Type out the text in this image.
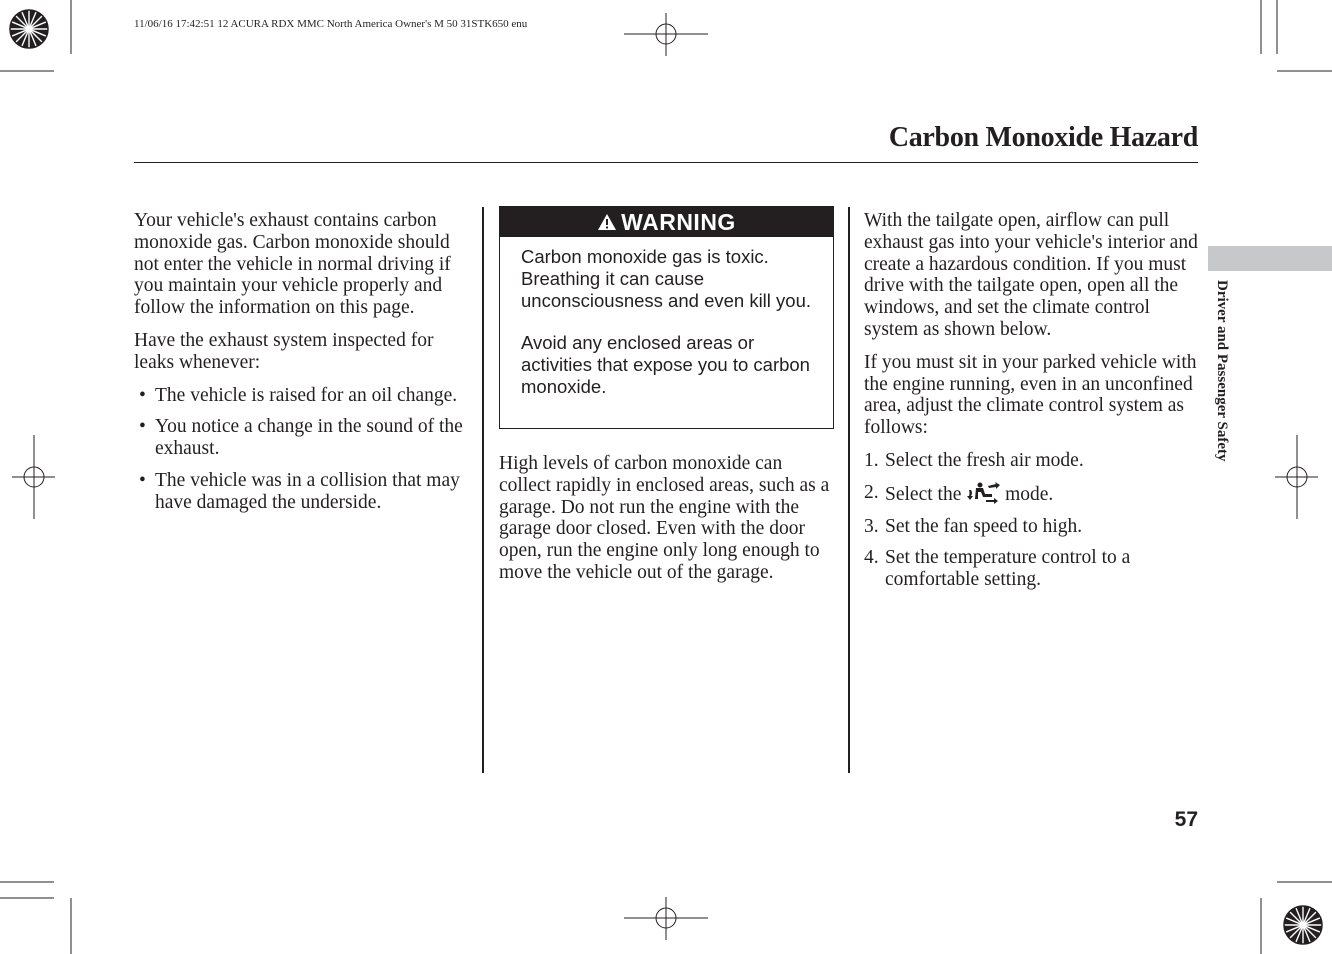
11/06/16 17:42:51 12 ACURA RDX MMC North America Owner's M 50 31STK650 enu
Carbon Monoxide Hazard

Your vehicle's exhaust contains carbon monoxide gas. Carbon monoxide should not enter the vehicle in normal driving if you maintain your vehicle properly and follow the information on this page.

Have the exhaust system inspected for leaks whenever:

• The vehicle is raised for an oil change.
• You notice a change in the sound of the exhaust.
• The vehicle was in a collision that may have damaged the underside.
WARNING

Carbon monoxide gas is toxic. Breathing it can cause unconsciousness and even kill you.

Avoid any enclosed areas or activities that expose you to carbon monoxide.

High levels of carbon monoxide can collect rapidly in enclosed areas, such as a garage. Do not run the engine with the garage door closed. Even with the door open, run the engine only long enough to move the vehicle out of the garage.

With the tailgate open, airflow can pull exhaust gas into your vehicle's interior and create a hazardous condition. If you must drive with the tailgate open, open all the windows, and set the climate control system as shown below.

If you must sit in your parked vehicle with the engine running, even in an unconfined area, adjust the climate control system as follows:

1. Select the fresh air mode.
2. Select the mode.
3. Set the fan speed to high.
4. Set the temperature control to a comfortable setting.
Driver and Passenger Safety
57
